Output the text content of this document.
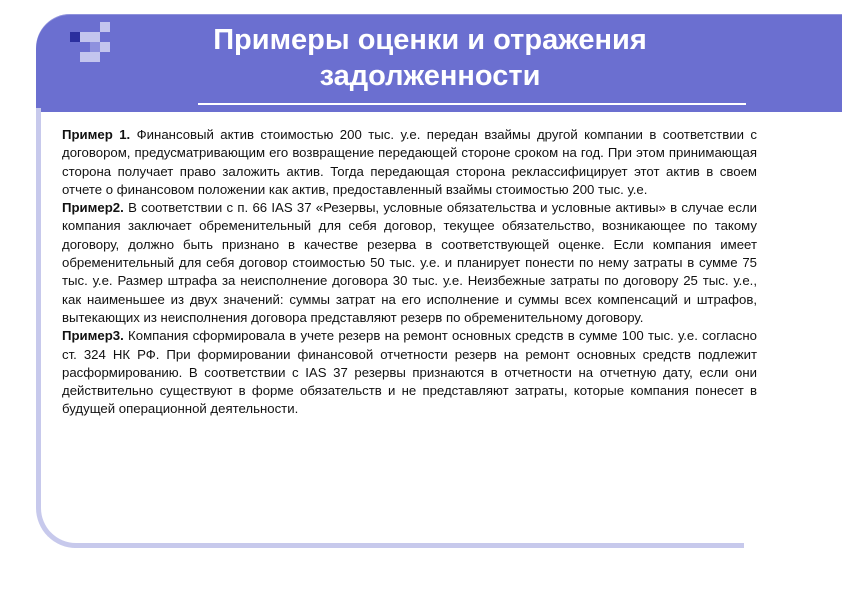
Примеры оценки и отражения
задолженности

Пример 1. Финансовый актив стоимостью 200 тыс. у.е. передан взаймы другой компании в соответствии с договором, предусматривающим его возвращение передающей стороне сроком на год. При этом принимающая сторона получает право заложить актив. Тогда передающая сторона реклассифицирует этот актив в своем отчете о финансовом положении как актив, предоставленный взаймы стоимостью 200 тыс. у.е.

Пример2. В соответствии с п. 66 IAS 37 «Резервы, условные обязательства и условные активы» в случае если компания заключает обременительный для себя договор, текущее обязательство, возникающее по такому договору, должно быть признано в качестве резерва в соответствующей оценке. Если компания имеет обременительный для себя договор стоимостью 50 тыс. у.е. и планирует понести по нему затраты в сумме 75 тыс. у.е. Размер штрафа за неисполнение договора 30 тыс. у.е. Неизбежные затраты по договору 25 тыс. у.е., как наименьшее из двух значений: суммы затрат на его исполнение и суммы всех компенсаций и штрафов, вытекающих из неисполнения договора представляют резерв по обременительному договору.

Пример3. Компания сформировала в учете резерв на ремонт основных средств в сумме 100 тыс. у.е. согласно ст. 324 НК РФ. При формировании финансовой отчетности резерв на ремонт основных средств подлежит расформированию. В соответствии с IAS 37 резервы признаются в отчетности на отчетную дату, если они действительно существуют в форме обязательств и не представляют затраты, которые компания понесет в будущей операционной деятельности.
